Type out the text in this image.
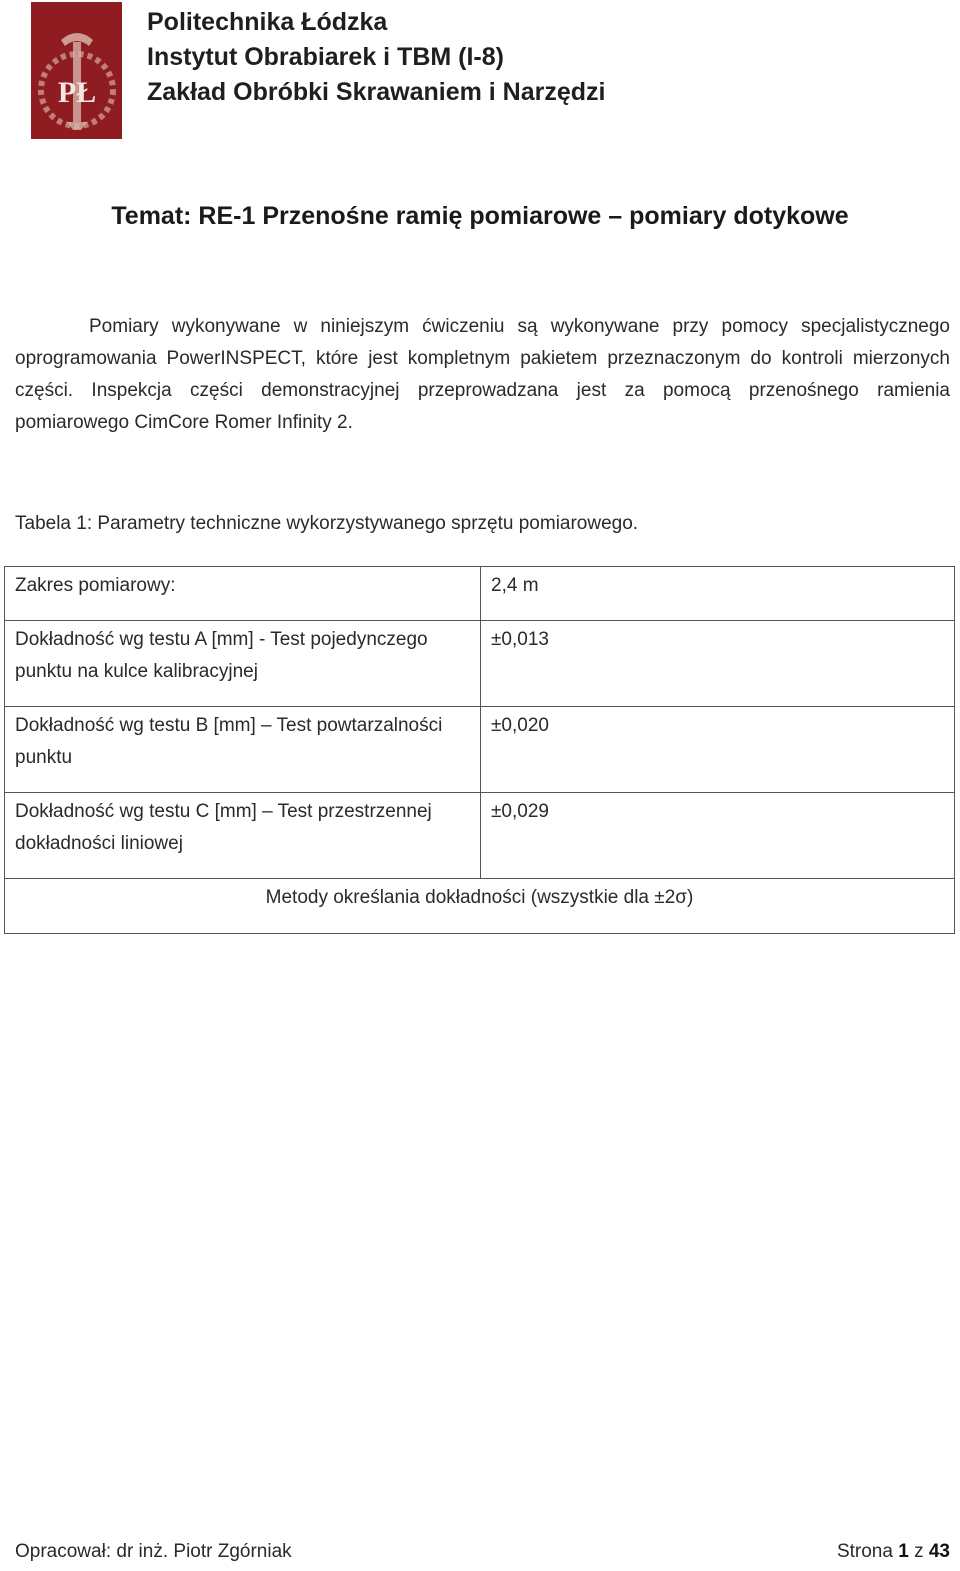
PŁ
Politechnika Łódzka
Instytut Obrabiarek i TBM (I-8)
Zakład Obróbki Skrawaniem i Narzędzi
Temat: RE-1 Przenośne ramię pomiarowe – pomiary dotykowe
Pomiary wykonywane w niniejszym ćwiczeniu są wykonywane przy pomocy specjalistycznego oprogramowania PowerINSPECT, które jest kompletnym pakietem przeznaczonym do kontroli mierzonych części. Inspekcja części demonstracyjnej przeprowadzana jest za pomocą przenośnego ramienia pomiarowego CimCore Romer Infinity 2.
Tabela 1: Parametry techniczne wykorzystywanego sprzętu pomiarowego.
Zakres pomiarowy:	2,4 m
Dokładność wg testu A [mm] - Test pojedynczego punktu na kulce kalibracyjnej	±0,013
Dokładność wg testu B [mm] – Test powtarzalności punktu	±0,020
Dokładność wg testu C [mm] – Test przestrzennej dokładności liniowej	±0,029
Metody określania dokładności (wszystkie dla ±2σ)	
Opracował: dr inż. Piotr Zgórniak	Strona 1 z 43
